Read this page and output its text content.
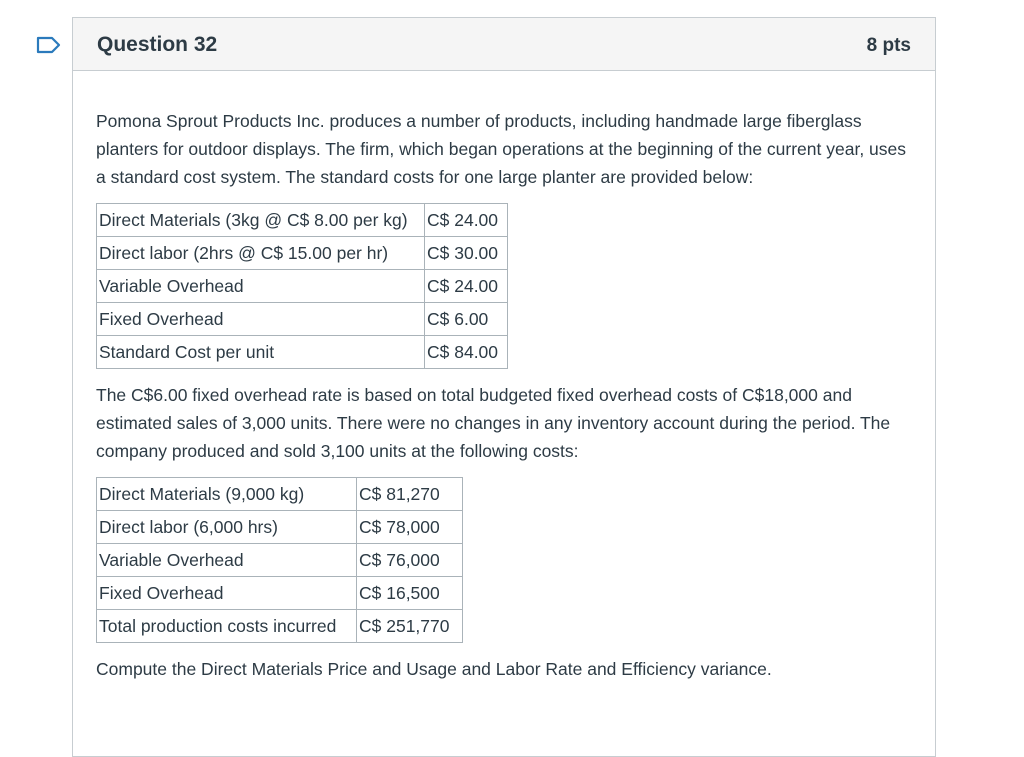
Question 32	8 pts

Pomona Sprout Products Inc. produces a number of products, including handmade large fiberglass planters for outdoor displays. The firm, which began operations at the beginning of the current year, uses a standard cost system. The standard costs for one large planter are provided below:

Direct Materials (3kg @ C$ 8.00 per kg)	C$ 24.00
Direct labor (2hrs @ C$ 15.00 per hr)	C$ 30.00
Variable Overhead	C$ 24.00
Fixed Overhead	C$ 6.00
Standard Cost per unit	C$ 84.00

The C$6.00 fixed overhead rate is based on total budgeted fixed overhead costs of C$18,000 and estimated sales of 3,000 units. There were no changes in any inventory account during the period. The company produced and sold 3,100 units at the following costs:

Direct Materials (9,000 kg)	C$ 81,270
Direct labor (6,000 hrs)	C$ 78,000
Variable Overhead	C$ 76,000
Fixed Overhead	C$ 16,500
Total production costs incurred	C$ 251,770

Compute the Direct Materials Price and Usage and Labor Rate and Efficiency variance.
